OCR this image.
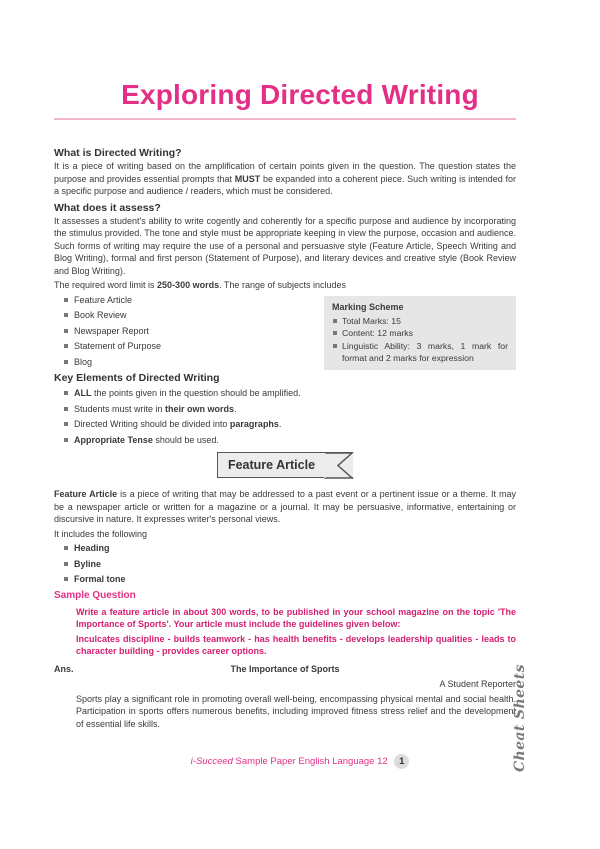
Exploring Directed Writing
What is Directed Writing?

It is a piece of writing based on the amplification of certain points given in the question. The question states the purpose and provides essential prompts that MUST be expanded into a coherent piece. Such writing is intended for a specific purpose and audience / readers, which must be considered.

What does it assess?

It assesses a student's ability to write cogently and coherently for a specific purpose and audience by incorporating the stimulus provided. The tone and style must be appropriate keeping in view the purpose, occasion and audience. Such forms of writing may require the use of a personal and persuasive style (Feature Article, Speech Writing and Blog Writing), formal and first person (Statement of Purpose), and literary devices and creative style (Book Review and Blog Writing).

The required word limit is 250-300 words. The range of subjects includes

Feature Article
Book Review
Newspaper Report
Statement of Purpose
Blog
Marking Scheme
Total Marks: 15
Content: 12 marks
Linguistic Ability: 3 marks, 1 mark for format and 2 marks for expression
Key Elements of Directed Writing
ALL the points given in the question should be amplified.
Students must write in their own words.
Directed Writing should be divided into paragraphs.
Appropriate Tense should be used.
Feature Article

Feature Article is a piece of writing that may be addressed to a past event or a pertinent issue or a theme. It may be a newspaper article or written for a magazine or a journal. It may be persuasive, informative, entertaining or discursive in nature. It expresses writer's personal views.

It includes the following

Heading
Byline
Formal tone
Sample Question
Write a feature article in about 300 words, to be published in your school magazine on the topic 'The Importance of Sports'. Your article must include the guidelines given below:
Inculcates discipline - builds teamwork - has health benefits - develops leadership qualities - leads to character building - provides career options.
Ans.	The Importance of Sports
A Student Reporter
Sports play a significant role in promoting overall well-being, encompassing physical mental and social health. Participation in sports offers numerous benefits, including improved fitness stress relief and the development of essential life skills.	Cheat Sheets
i-Succeed Sample Paper English Language 12 1
